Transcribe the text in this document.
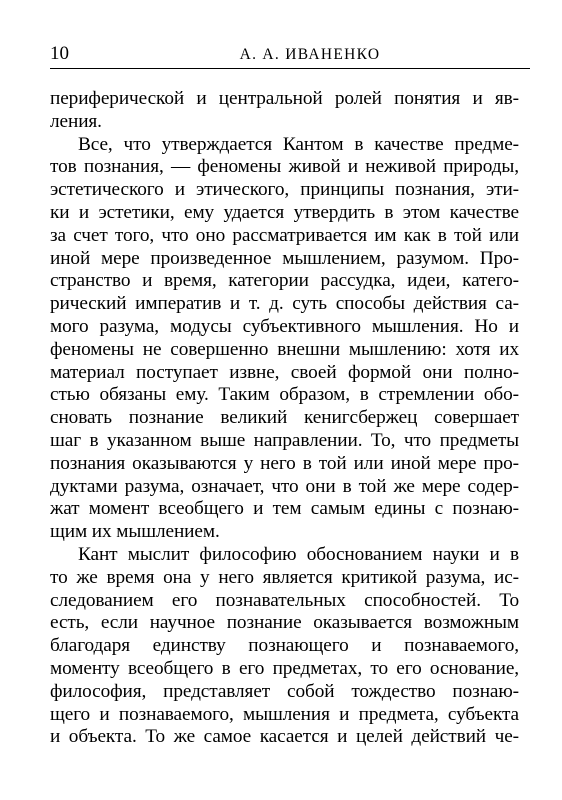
10	А. А. ИВАНЕНКО
периферической и центральной ролей понятия и яв-
ления.
Все, что утверждается Кантом в качестве предме-
тов познания, — феномены живой и неживой природы,
эстетического и этического, принципы познания, эти-
ки и эстетики, ему удается утвердить в этом качестве
за счет того, что оно рассматривается им как в той или
иной мере произведенное мышлением, разумом. Про-
странство и время, категории рассудка, идеи, катего-
рический императив и т. д. суть способы действия са-
мого разума, модусы субъективного мышления. Но и
феномены не совершенно внешни мышлению: хотя их
материал поступает извне, своей формой они полно-
стью обязаны ему. Таким образом, в стремлении обо-
сновать познание великий кенигсбержец совершает
шаг в указанном выше направлении. То, что предметы
познания оказываются у него в той или иной мере про-
дуктами разума, означает, что они в той же мере содер-
жат момент всеобщего и тем самым едины с познаю-
щим их мышлением.
Кант мыслит философию обоснованием науки и в
то же время она у него является критикой разума, ис-
следованием его познавательных способностей. То
есть, если научное познание оказывается возможным
благодаря единству познающего и познаваемого,
моменту всеобщего в его предметах, то его основание,
философия, представляет собой тождество познаю-
щего и познаваемого, мышления и предмета, субъекта
и объекта. То же самое касается и целей действий че-
